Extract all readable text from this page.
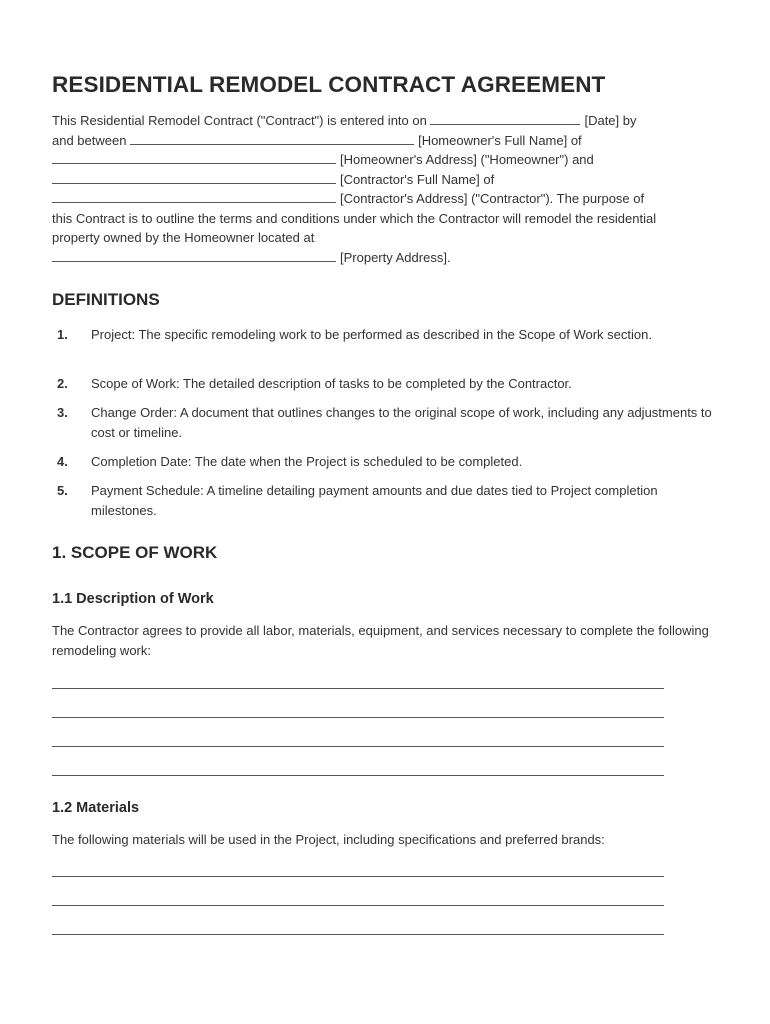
RESIDENTIAL REMODEL CONTRACT AGREEMENT
This Residential Remodel Contract ("Contract") is entered into on	[Date] by
and between	[Homeowner's Full Name] of
[Homeowner's Address] ("Homeowner") and
[Contractor's Full Name] of
[Contractor's Address] ("Contractor"). The purpose of
this Contract is to outline the terms and conditions under which the Contractor will remodel the residential property owned by the Homeowner located at
[Property Address].
DEFINITIONS
1. Project: The specific remodeling work to be performed as described in the Scope of Work section.
2. Scope of Work: The detailed description of tasks to be completed by the Contractor.
3. Change Order: A document that outlines changes to the original scope of work, including any adjustments to cost or timeline.
4. Completion Date: The date when the Project is scheduled to be completed.
5. Payment Schedule: A timeline detailing payment amounts and due dates tied to Project completion milestones.
1. SCOPE OF WORK
1.1 Description of Work
The Contractor agrees to provide all labor, materials, equipment, and services necessary to complete the following remodeling work:
1.2 Materials
The following materials will be used in the Project, including specifications and preferred brands:
